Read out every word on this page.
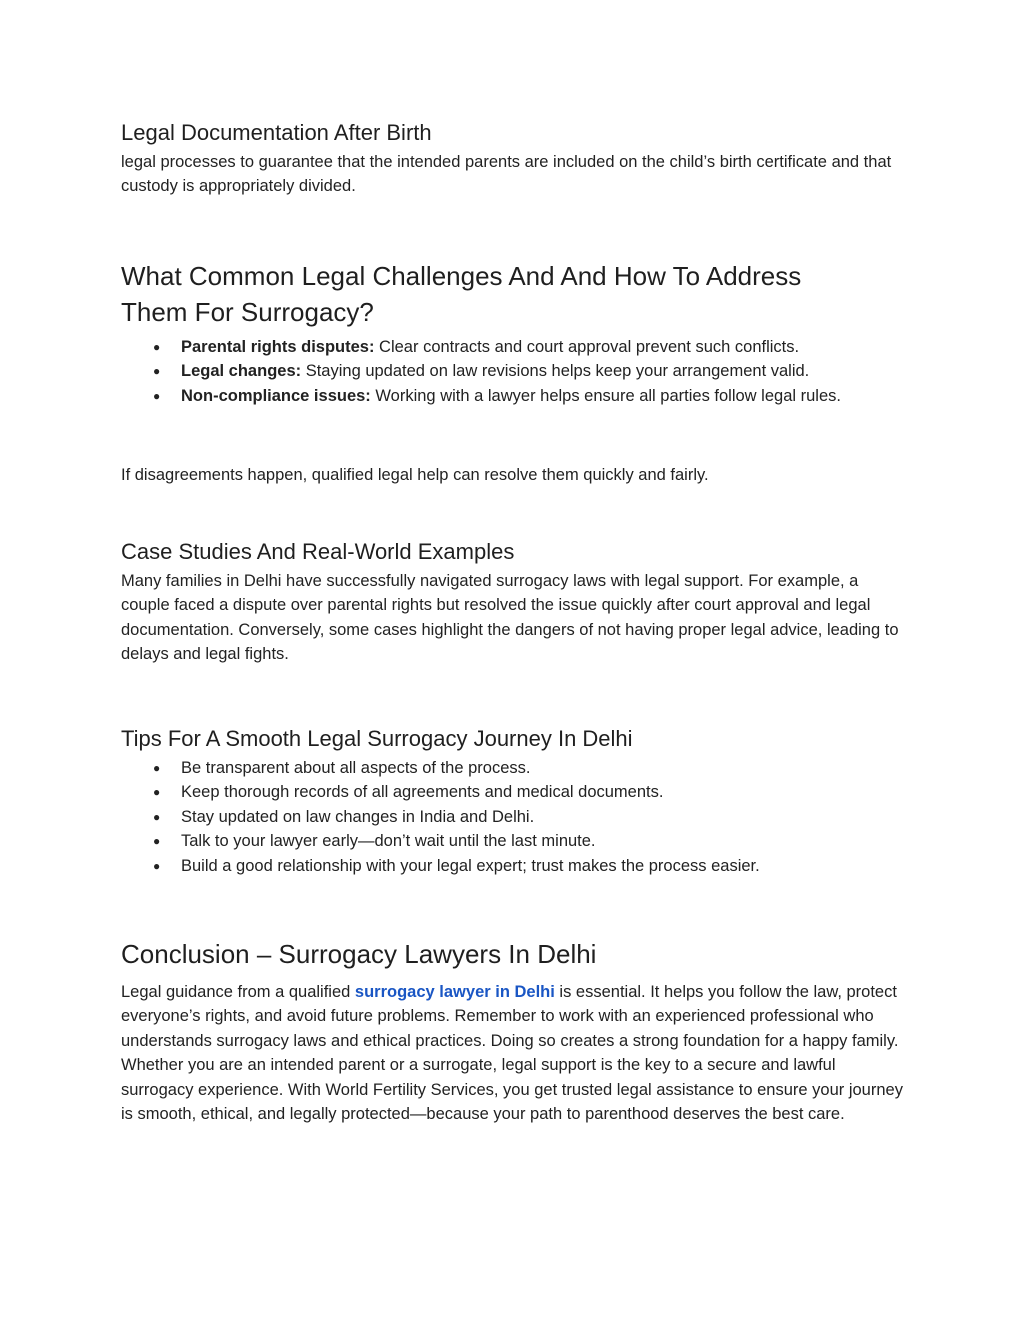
Legal Documentation After Birth

legal processes to guarantee that the intended parents are included on the child’s birth certificate and that custody is appropriately divided.

What Common Legal Challenges And And How To Address
Them For Surrogacy?
● Parental rights disputes: Clear contracts and court approval prevent such conflicts.
● Legal changes: Staying updated on law revisions helps keep your arrangement valid.
● Non-compliance issues: Working with a lawyer helps ensure all parties follow legal rules.

If disagreements happen, qualified legal help can resolve them quickly and fairly.

Case Studies And Real-World Examples

Many families in Delhi have successfully navigated surrogacy laws with legal support. For example, a couple faced a dispute over parental rights but resolved the issue quickly after court approval and legal documentation. Conversely, some cases highlight the dangers of not having proper legal advice, leading to delays and legal fights.

Tips For A Smooth Legal Surrogacy Journey In Delhi
● Be transparent about all aspects of the process.
● Keep thorough records of all agreements and medical documents.
● Stay updated on law changes in India and Delhi.
● Talk to your lawyer early—don’t wait until the last minute.
● Build a good relationship with your legal expert; trust makes the process easier.
Conclusion – Surrogacy Lawyers In Delhi

Legal guidance from a qualified surrogacy lawyer in Delhi is essential. It helps you follow the law, protect everyone’s rights, and avoid future problems. Remember to work with an experienced professional who understands surrogacy laws and ethical practices. Doing so creates a strong foundation for a happy family. Whether you are an intended parent or a surrogate, legal support is the key to a secure and lawful surrogacy experience. With World Fertility Services, you get trusted legal assistance to ensure your journey is smooth, ethical, and legally protected—because your path to parenthood deserves the best care.
